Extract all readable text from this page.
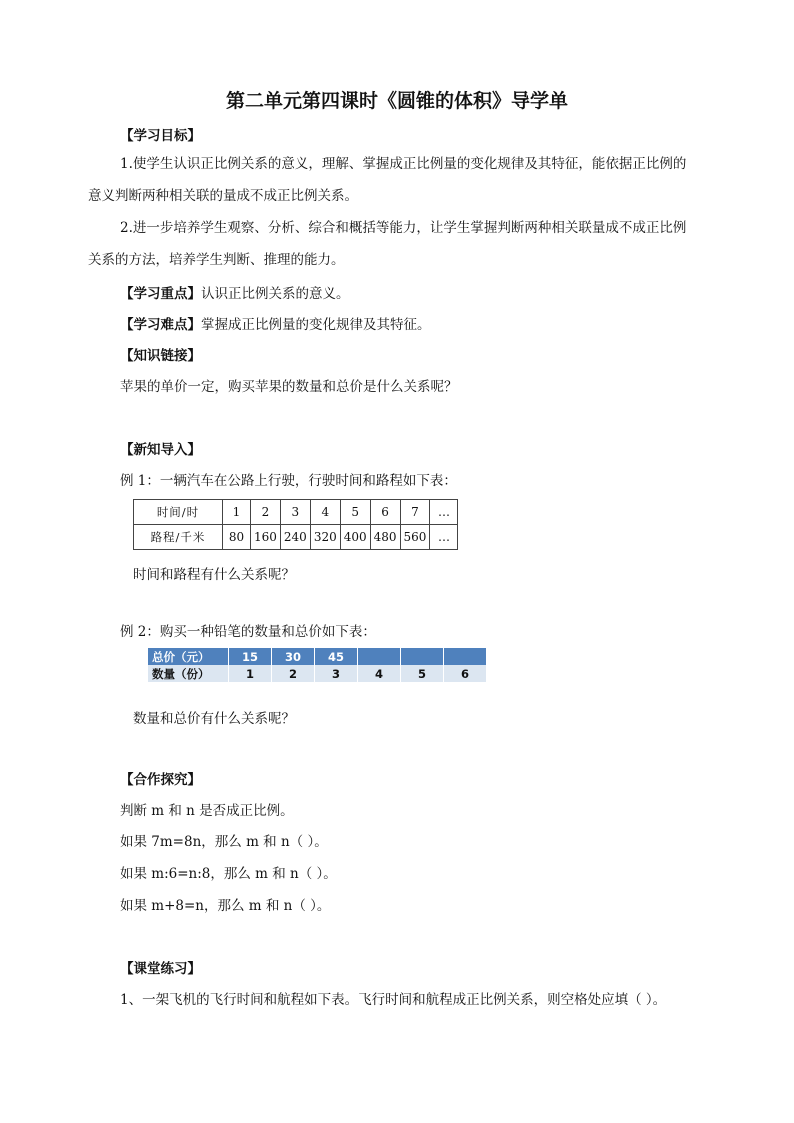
第二单元第四课时《圆锥的体积》导学单
【学习目标】
1.使学生认识正比例关系的意义，理解、掌握成正比例量的变化规律及其特征，能依据正比例的
意义判断两种相关联的量成不成正比例关系。
2.进一步培养学生观察、分析、综合和概括等能力，让学生掌握判断两种相关联量成不成正比例
关系的方法，培养学生判断、推理的能力。
【学习重点】认识正比例关系的意义。
【学习难点】掌握成正比例量的变化规律及其特征。
【知识链接】
苹果的单价一定，购买苹果的数量和总价是什么关系呢？
【新知导入】
例 1：一辆汽车在公路上行驶，行驶时间和路程如下表：
时间/时	1	2	3	4	5	6	7	…
路程/千米	80	160	240	320	400	480	560	…
时间和路程有什么关系呢？
例 2：购买一种铅笔的数量和总价如下表：
总价（元）	15	30	45			
数量（份）	1	2	3	4	5	6
数量和总价有什么关系呢？
【合作探究】
判断 m 和 n 是否成正比例。
如果 7m=8n，那么 m 和 n（ ）。
如果 m:6=n:8，那么 m 和 n（ ）。
如果 m+8=n，那么 m 和 n（ ）。
【课堂练习】
1、一架飞机的飞行时间和航程如下表。飞行时间和航程成正比例关系，则空格处应填（ ）。
